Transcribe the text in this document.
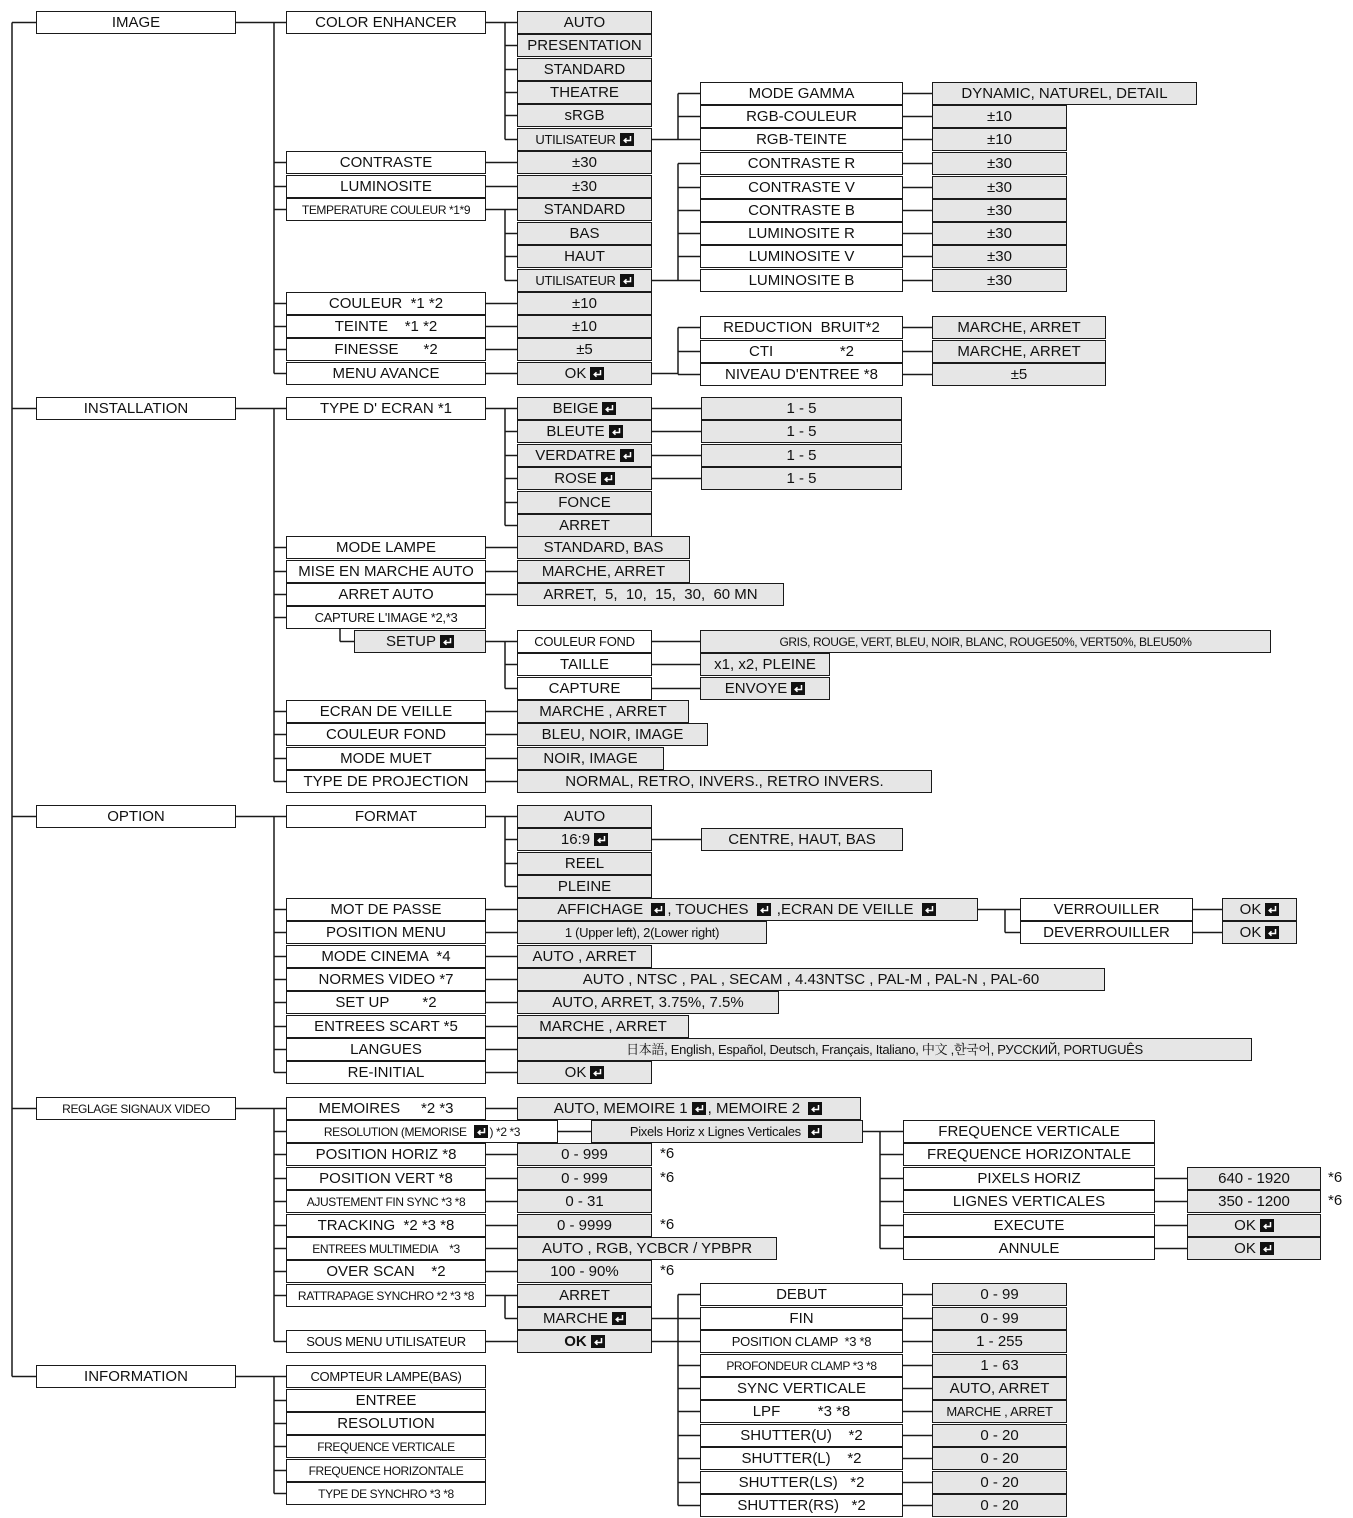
IMAGE
INSTALLATION
OPTION
REGLAGE SIGNAUX VIDEO
INFORMATION
COLOR ENHANCER
CONTRASTE
LUMINOSITE
TEMPERATURE COULEUR *1*9
COULEUR  *1 *2
TEINTE    *1 *2
FINESSE      *2
MENU AVANCE
AUTO
PRESENTATION
STANDARD
THEATRE
sRGB
UTILISATEUR
±30
±30
STANDARD
BAS
HAUT
UTILISATEUR
±10
±10
±5
OK
MODE GAMMA
RGB-COULEUR
RGB-TEINTE
CONTRASTE R
CONTRASTE V
CONTRASTE B
LUMINOSITE R
LUMINOSITE V
LUMINOSITE B
DYNAMIC, NATUREL, DETAIL
±10
±10
±30
±30
±30
±30
±30
±30
REDUCTION  BRUIT*2
CTI                *2
NIVEAU D'ENTREE *8
MARCHE, ARRET
MARCHE, ARRET
±5
TYPE D' ECRAN *1
MODE LAMPE
MISE EN MARCHE AUTO
ARRET AUTO
CAPTURE L'IMAGE *2,*3
SETUP
ECRAN DE VEILLE
COULEUR FOND
MODE MUET
TYPE DE PROJECTION
BEIGE
BLEUTE
VERDATRE
ROSE
FONCE
ARRET
1 - 5
1 - 5
1 - 5
1 - 5
STANDARD, BAS
MARCHE, ARRET
ARRET,  5,  10,  15,  30,  60 MN
COULEUR FOND
TAILLE
CAPTURE
GRIS, ROUGE, VERT, BLEU, NOIR, BLANC, ROUGE50%, VERT50%, BLEU50%
x1, x2, PLEINE
ENVOYE
MARCHE , ARRET
BLEU, NOIR, IMAGE
NOIR, IMAGE
NORMAL, RETRO, INVERS., RETRO INVERS.
FORMAT
MOT DE PASSE
POSITION MENU
MODE CINEMA  *4
NORMES VIDEO *7
SET UP        *2
ENTREES SCART *5
LANGUES
RE-INITIAL
AUTO
16:9
REEL
PLEINE
CENTRE, HAUT, BAS
AFFICHAGE , TOUCHES ,ECRAN DE VEILLE	VERROUILLER
DEVERROUILLER
OK
OK
1 (Upper left), 2(Lower right)
AUTO , ARRET
AUTO , NTSC , PAL , SECAM , 4.43NTSC , PAL-M , PAL-N , PAL-60
AUTO, ARRET, 3.75%, 7.5%
MARCHE , ARRET
日本語, English, Español, Deutsch, Français, Italiano, 中文 ,한국어, РУССКИЙ, PORTUGUÊS
OK
MEMOIRES     *2 *3
RESOLUTION (MEMORISE ) *2 *3
POSITION HORIZ *8
POSITION VERT *8
AJUSTEMENT FIN SYNC *3 *8
TRACKING  *2 *3 *8
ENTREES MULTIMEDIA    *3
OVER SCAN    *2
RATTRAPAGE SYNCHRO *2 *3 *8
SOUS MENU UTILISATEUR
AUTO, MEMOIRE 1 , MEMOIRE 2
Pixels Horiz x Lignes Verticales	FREQUENCE VERTICALE
FREQUENCE HORIZONTALE
PIXELS HORIZ
LIGNES VERTICALES
EXECUTE
ANNULE
640 - 1920
350 - 1200
OK
OK
0 - 999
0 - 999
0 - 31
0 - 9999
AUTO , RGB, YCBCR / YPBPR
100 - 90%
ARRET
MARCHE
OK
DEBUT
FIN
POSITION CLAMP  *3 *8
PROFONDEUR CLAMP *3 *8
SYNC VERTICALE
LPF         *3 *8
SHUTTER(U)    *2
SHUTTER(L)    *2
SHUTTER(LS)   *2
SHUTTER(RS)   *2
0 - 99
0 - 99
1 - 255
1 - 63
AUTO, ARRET
MARCHE , ARRET
0 - 20
0 - 20
0 - 20
0 - 20
COMPTEUR LAMPE(BAS)
ENTREE
RESOLUTION
FREQUENCE VERTICALE
FREQUENCE HORIZONTALE
TYPE DE SYNCHRO *3 *8
*6
*6
*6
*6
*6
*6
